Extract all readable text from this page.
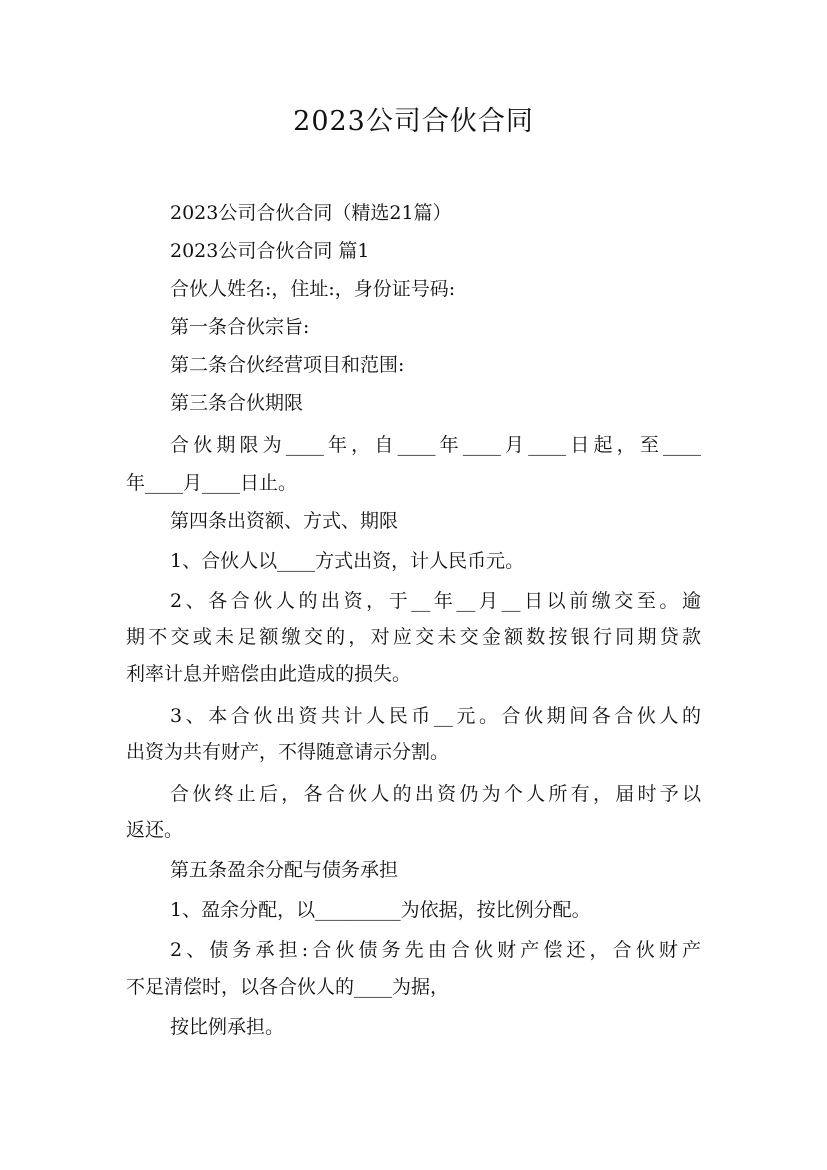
2023公司合伙合同

2023公司合伙合同（精选21篇）

2023公司合伙合同 篇1

合伙人姓名:，住址:，身份证号码:

第一条合伙宗旨:

第二条合伙经营项目和范围:

第三条合伙期限

合伙期限为____年，自____年____月____日起，至____

年____月____日止。

第四条出资额、方式、期限

1、合伙人以____方式出资，计人民币元。

2、各合伙人的出资，于__年__月__日以前缴交至。逾

期不交或未足额缴交的，对应交未交金额数按银行同期贷款

利率计息并赔偿由此造成的损失。

3、本合伙出资共计人民币__元。合伙期间各合伙人的

出资为共有财产，不得随意请示分割。

合伙终止后，各合伙人的出资仍为个人所有，届时予以

返还。

第五条盈余分配与债务承担

1、盈余分配，以_________为依据，按比例分配。

2、债务承担:合伙债务先由合伙财产偿还，合伙财产

不足清偿时，以各合伙人的____为据，

按比例承担。
